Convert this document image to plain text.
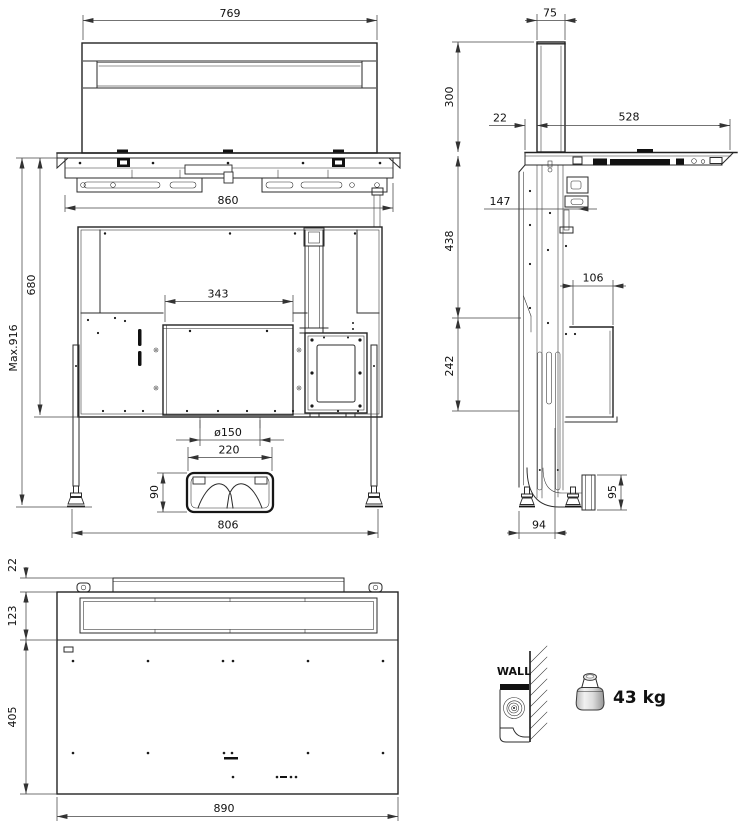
769
860
343
Max.916
680
ø150
220
90
806
75
300
22	528
147
438
242
106
95
94
22
123
405
890
WALL
43 kg
